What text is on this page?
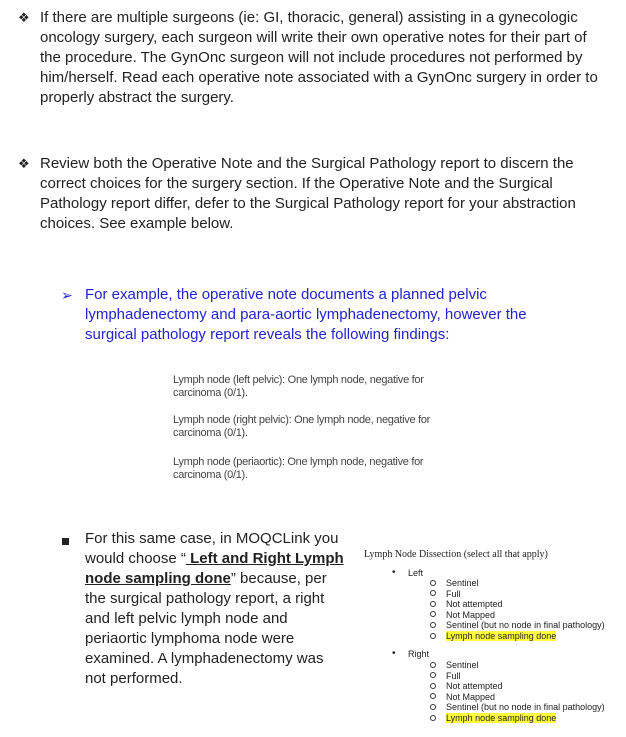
❖ If there are multiple surgeons (ie: GI, thoracic, general) assisting in a gynecologic oncology surgery, each surgeon will write their own operative notes for their part of the procedure. The GynOnc surgeon will not include procedures not performed by him/herself. Read each operative note associated with a GynOnc surgery in order to properly abstract the surgery.
❖ Review both the Operative Note and the Surgical Pathology report to discern the correct choices for the surgery section. If the Operative Note and the Surgical Pathology report differ, defer to the Surgical Pathology report for your abstraction choices. See example below.
➢ For example, the operative note documents a planned pelvic lymphadenectomy and para-aortic lymphadenectomy, however the surgical pathology report reveals the following findings:
Lymph node (left pelvic): One lymph node, negative for carcinoma (0/1).
Lymph node (right pelvic): One lymph node, negative for carcinoma (0/1).
Lymph node (periaortic): One lymph node, negative for carcinoma (0/1).
For this same case, in MOQCLink you would choose “ Left and Right Lymph node sampling done” because, per the surgical pathology report, a right and left pelvic lymph node and periaortic lymphoma node were examined. A lymphadenectomy was not performed.
Lymph Node Dissection (select all that apply)
• Left
Sentinel
Full
Not attempted
Not Mapped
Sentinel (but no node in final pathology)
Lymph node sampling done
• Right
Sentinel
Full
Not attempted
Not Mapped
Sentinel (but no node in final pathology)
Lymph node sampling done
